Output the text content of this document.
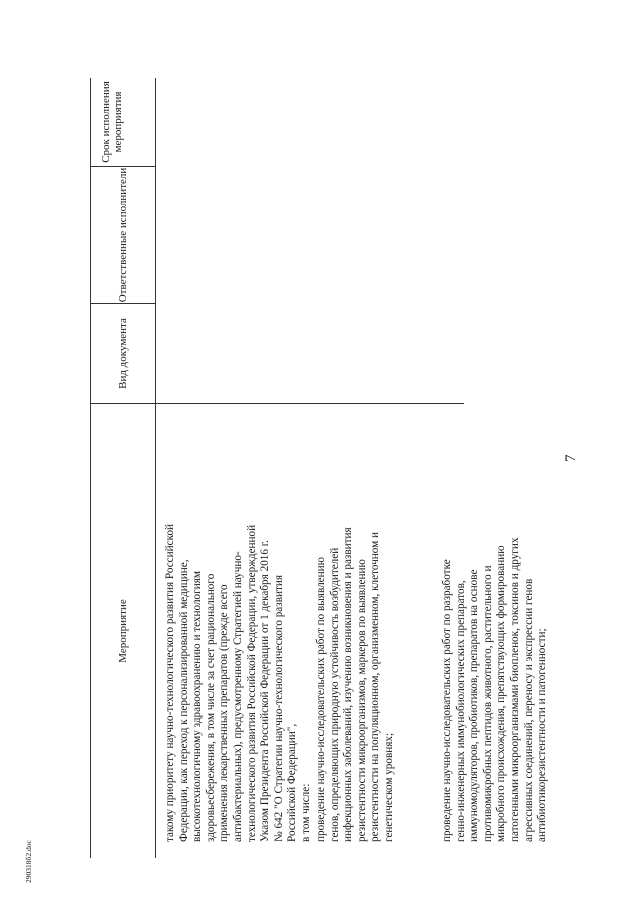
7
Мероприятие
Вид документа
Ответственные исполнители
Срок исполнения мероприятия
такому приоритету научно-технологического развития Российской
Федерации, как переход к персонализированной медицине,
высокотехнологичному здравоохранению и технологиям
здоровьесбережения, в том числе за счет рационального
применения лекарственных препаратов (прежде всего
антибактериальных), предусмотренному Стратегией научно-
технологического развития Российской Федерации, утвержденной
Указом Президента Российской Федерации от 1 декабря 2016 г.
№ 642 "О Стратегии научно-технологического развития
Российской Федерации",
в том числе: проведение научно-исследовательских работ по выявлению
генов, определяющих природную устойчивость возбудителей
инфекционных заболеваний, изучению возникновения и развития
резистентности микроорганизмов, маркеров по выявлению
резистентности на популяционном, организменном, клеточном и
генетическом уровнях;
проведение научно-исследовательских работ по разработке
генно-инженерных иммунобиологических препаратов,
иммуномодуляторов, пробиотиков, препаратов на основе
противомикробных пептидов животного, растительного и
микробного происхождения, препятствующих формированию
патогенными микроорганизмами биопленок, токсинов и других
агрессивных соединений, переносу и экспрессии генов
антибиотикорезистентности и патогенности;
290318б2.doc
